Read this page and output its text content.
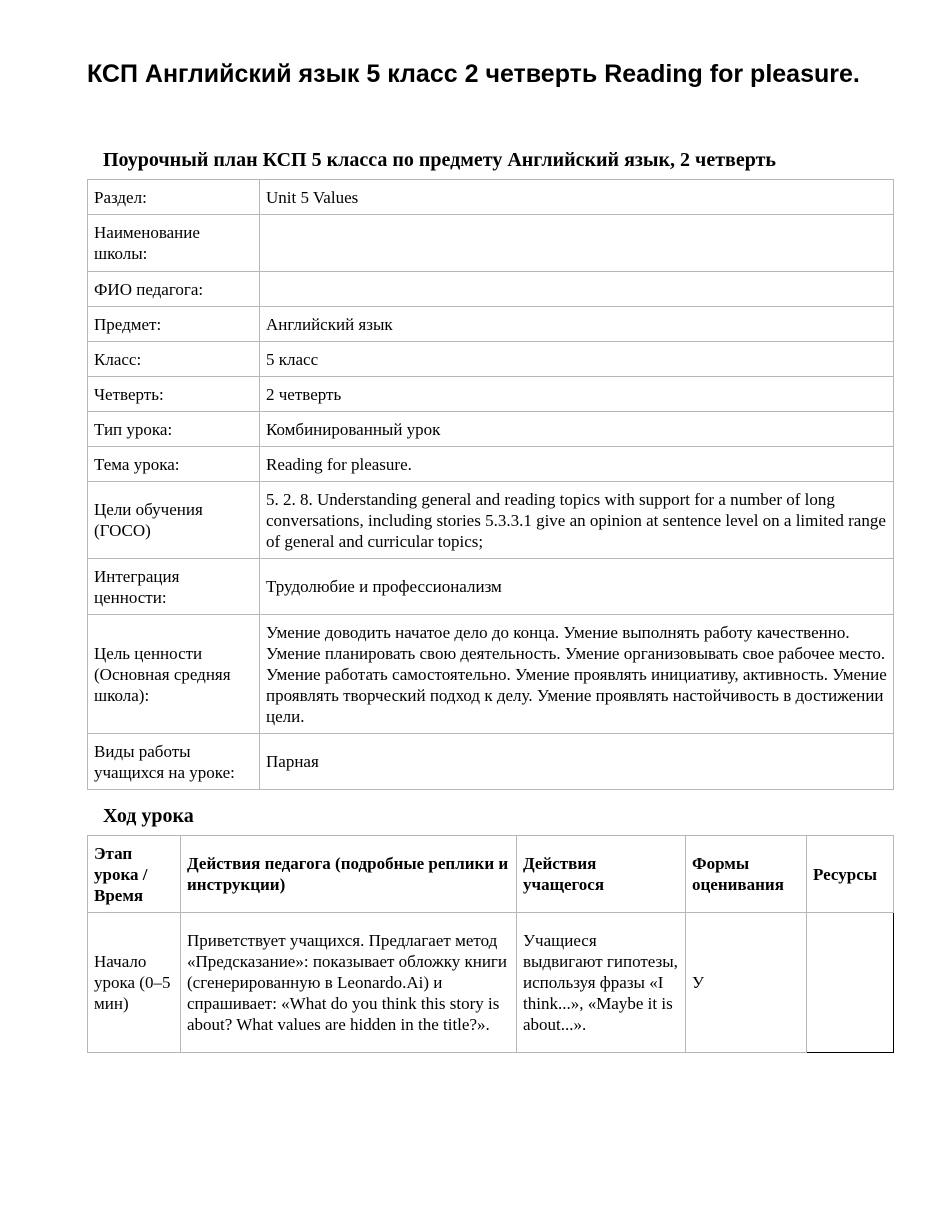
КСП Английский язык 5 класс 2 четверть Reading for pleasure.
Поурочный план КСП 5 класса по предмету Английский язык, 2 четверть
Раздел:	Unit 5 Values
Наименование школы:	
ФИО педагога:	
Предмет:	Английский язык
Класс:	5 класс
Четверть:	2 четверть
Тип урока:	Комбинированный урок
Тема урока:	Reading for pleasure.
Цели обучения (ГОСО)	5. 2. 8. Understanding general and reading topics with support for a number of long conversations, including stories 5.3.3.1 give an opinion at sentence level on a limited range of general and curricular topics;
Интеграция ценности:	Трудолюбие и профессионализм
Цель ценности (Основная средняя школа):	Умение доводить начатое дело до конца. Умение выполнять работу качественно. Умение планировать свою деятельность. Умение организовывать свое рабочее место. Умение работать самостоятельно. Умение проявлять инициативу, активность. Умение проявлять творческий подход к делу. Умение проявлять настойчивость в достижении цели.
Виды работы учащихся на уроке:	Парная
Ход урока
Этап урока / Время	Действия педагога (подробные реплики и инструкции)	Действия учащегося	Формы оценивания	Ресурсы
Начало урока (0–5 мин)	Приветствует учащихся. Предлагает метод «Предсказание»: показывает обложку книги (сгенерированную в Leonardo.Ai) и спрашивает: «What do you think this story is about? What values are hidden in the title?».	Учащиеся выдвигают гипотезы, используя фразы «I think...», «Maybe it is about...».	У	
